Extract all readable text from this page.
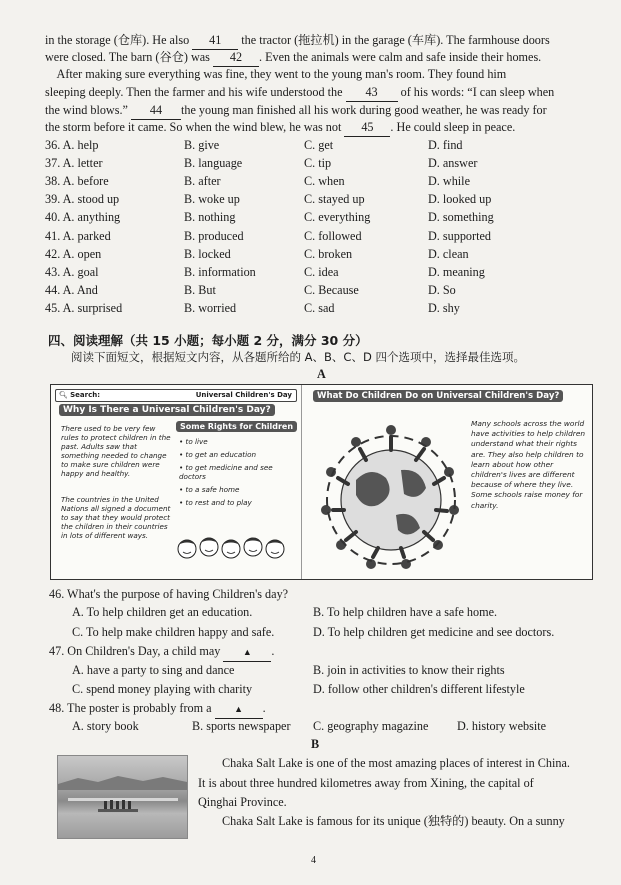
in the storage (仓库). He also 41 the tractor (拖拉机) in the garage (车库). The farmhouse doors
were closed. The barn (谷仓) was 42 . Even the animals were calm and safe inside their homes.
After making sure everything was fine, they went to the young man's room. They found him
sleeping deeply. Then the farmer and his wife understood the 43 of his words: “I can sleep when
the wind blows.” 44 the young man finished all his work during good weather, he was ready for
the storm before it came. So when the wind blew, he was not 45 . He could sleep in peace.
36. A. help	B. give	C. get	D. find
37. A. letter	B. language	C. tip	D. answer
38. A. before	B. after	C. when	D. while
39. A. stood up	B. woke up	C. stayed up	D. looked up
40. A. anything	B. nothing	C. everything	D. something
41. A. parked	B. produced	C. followed	D. supported
42. A. open	B. locked	C. broken	D. clean
43. A. goal	B. information	C. idea	D. meaning
44. A. And	B. But	C. Because	D. So
45. A. surprised	B. worried	C. sad	D. shy
四、阅读理解（共 15 小题；每小题 2 分，满分 30 分）
阅读下面短文，根据短文内容，从各题所给的 A、B、C、D 四个选项中，选择最佳选项。
A
🔍︎ Search:	Universal Children's Day
Why Is There a Universal Children's Day?
There used to be very few rules to protect children in the past. Adults saw that something needed to change to make sure children were happy and healthy.
The countries in the United Nations all signed a document to say that they would protect the children in their countries in lots of different ways.
Some Rights for Children
• to live
• to get an education
• to get medicine and see doctors
• to a safe home
• to rest and to play
What Do Children Do on Universal Children's Day?
Many schools across the world have activities to help children understand what their rights are. They also help children to learn about how other children's lives are different because of where they live. Some schools raise money for charity.
46. What's the purpose of having Children's day?
A. To help children get an education.	B. To help children have a safe home.
C. To help make children happy and safe.	D. To help children get medicine and see doctors.
47. On Children's Day, a child may	▲ .
A. have a party to sing and dance	B. join in activities to know their rights
C. spend money playing with charity	D. follow other children's different lifestyle
48. The poster is probably from a	▲ .
A. story book	B. sports newspaper C. geography magazine D. history website
B
Chaka Salt Lake is one of the most amazing places of interest in China.
It is about three hundred kilometres away from Xining, the capital of
Qinghai Province.
Chaka Salt Lake is famous for its unique (独特的) beauty. On a sunny
4
